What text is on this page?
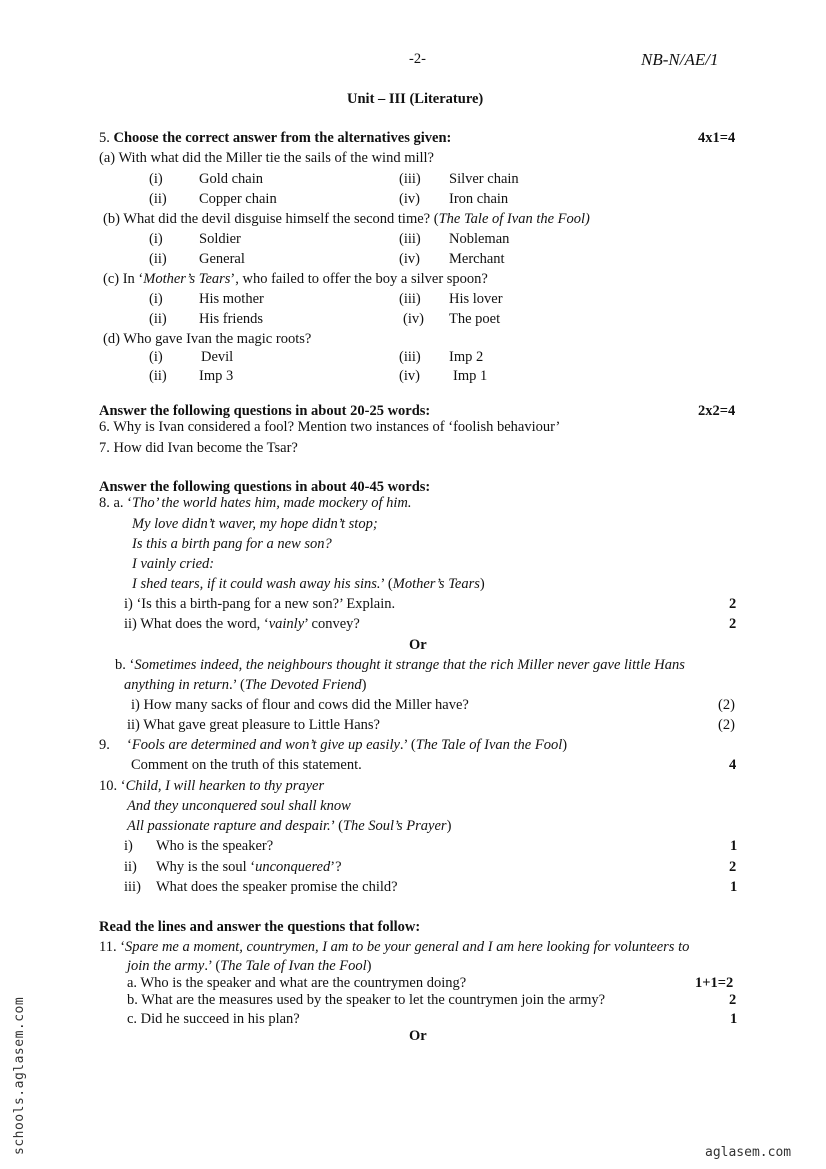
-2-	NB-N/AE/1
Unit – III (Literature)
5. Choose the correct answer from the alternatives given:	4x1=4
(a) With what did the Miller tie the sails of the wind mill?
(i)	Gold chain	(iii) Silver chain
(ii) Copper chain	(iv) Iron chain
(b) What did the devil disguise himself the second time? (The Tale of Ivan the Fool)
(i)	Soldier	(iii) Nobleman
(ii) General	(iv) Merchant
(c) In ‘Mother’s Tears’, who failed to offer the boy a silver spoon?
(i)	His mother	(iii) His lover
(ii) His friends	(iv) The poet
(d) Who gave Ivan the magic roots?
(i)	Devil	(iii) Imp 2
(ii) Imp 3	(iv) Imp 1
Answer the following questions in about 20-25 words:	2x2=4
6. Why is Ivan considered a fool? Mention two instances of ‘foolish behaviour’
7. How did Ivan become the Tsar?
Answer the following questions in about 40-45 words:
8. a. ‘Tho’ the world hates him, made mockery of him.
My love didn’t waver, my hope didn’t stop;
Is this a birth pang for a new son?
I vainly cried:
I shed tears, if it could wash away his sins.’ (Mother’s Tears)
i) ‘Is this a birth-pang for a new son?’ Explain.	2
ii) What does the word, ‘vainly’ convey?	2
Or
b. ‘Sometimes indeed, the neighbours thought it strange that the rich Miller never gave little Hans
anything in return.’ (The Devoted Friend)
i) How many sacks of flour and cows did the Miller have?	(2)
ii) What gave great pleasure to Little Hans?	(2)
9. ‘Fools are determined and won’t give up easily.’ (The Tale of Ivan the Fool)
Comment on the truth of this statement.	4
10. ‘Child, I will hearken to thy prayer
And they unconquered soul shall know
All passionate rapture and despair.’ (The Soul’s Prayer)
i) Who is the speaker?	1
ii) Why is the soul ‘unconquered’?	2
iii) What does the speaker promise the child?	1
Read the lines and answer the questions that follow:
11. ‘Spare me a moment, countrymen, I am to be your general and I am here looking for volunteers to
join the army.’ (The Tale of Ivan the Fool)
a. Who is the speaker and what are the countrymen doing?	1+1=2
b. What are the measures used by the speaker to let the countrymen join the army?	2
c. Did he succeed in his plan?	1
Or
schools.aglasem.com	aglasem.com
